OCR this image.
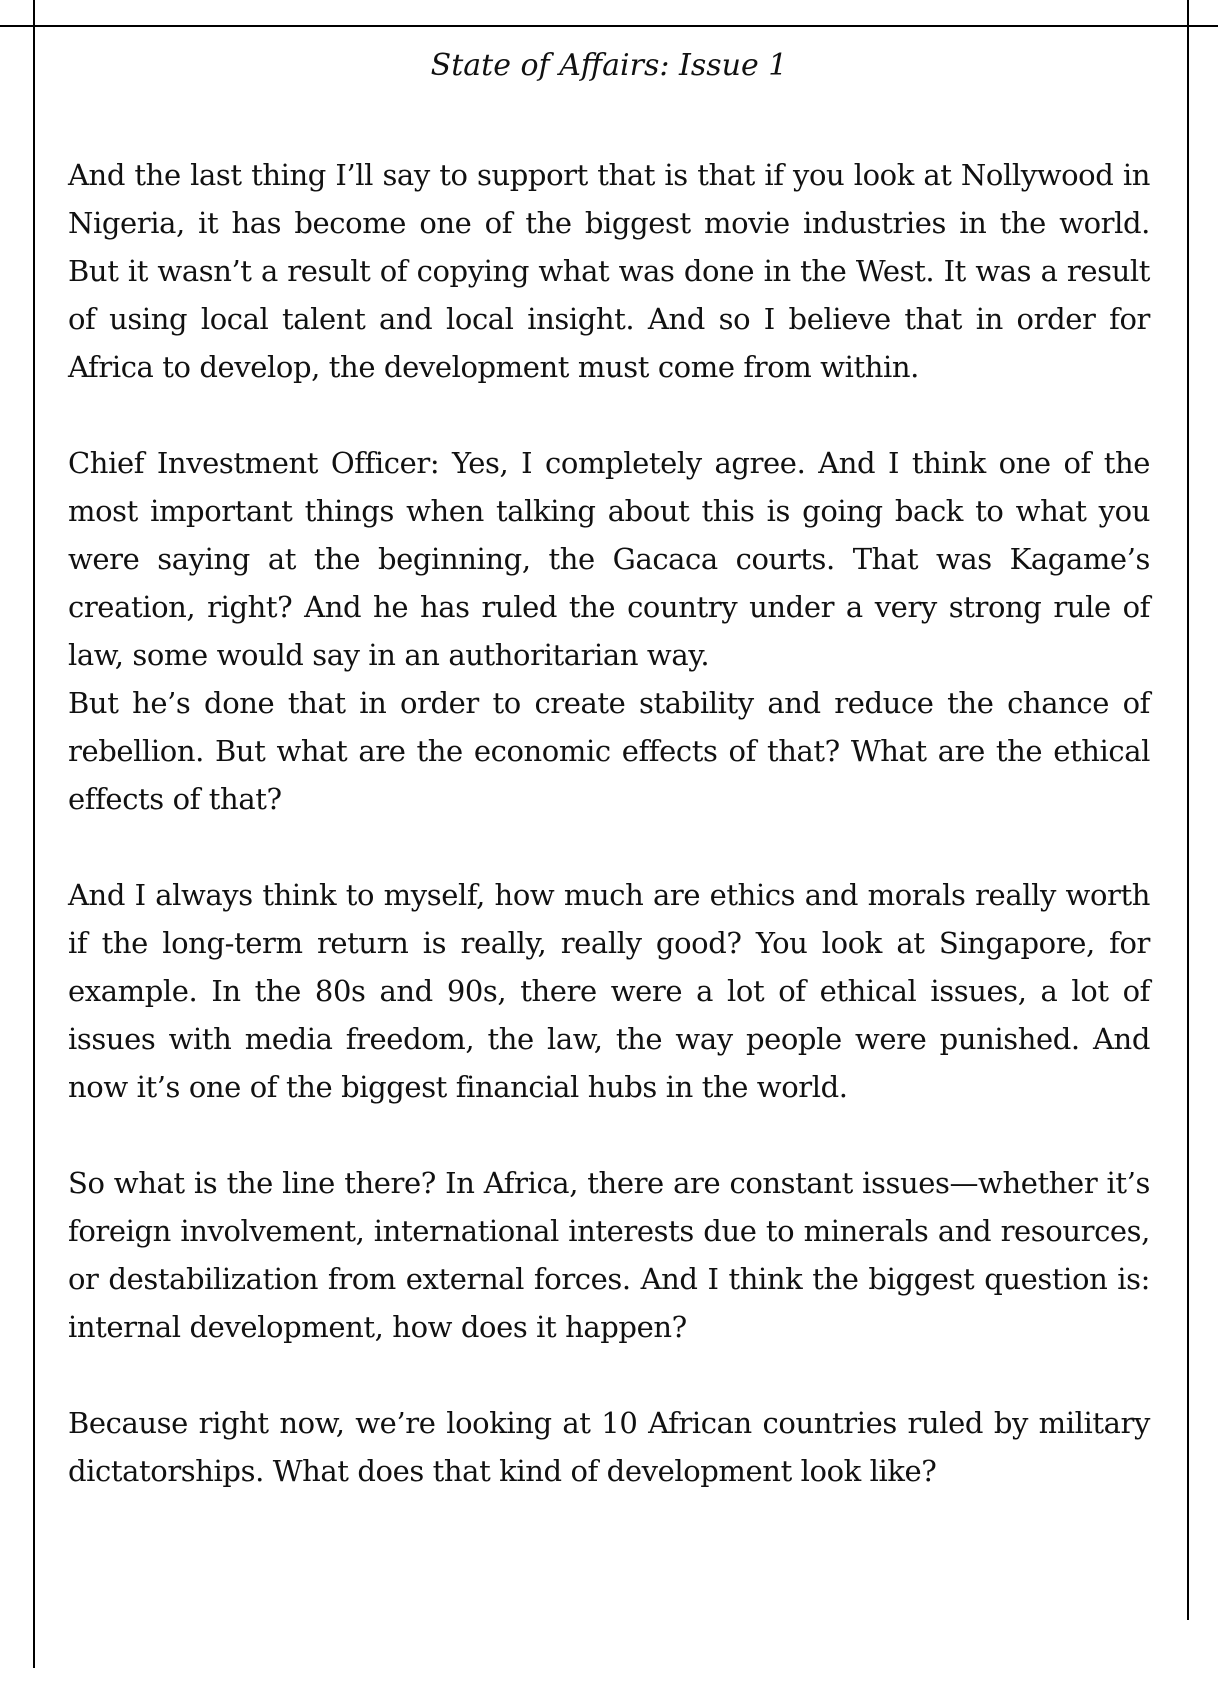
State of Affairs: Issue 1

And the last thing I’ll say to support that is that if you look at Nollywood in Nigeria, it has become one of the biggest movie industries in the world. But it wasn’t a result of copying what was done in the West. It was a result of using local talent and local insight. And so I believe that in order for Africa to develop, the development must come from within.

Chief Investment Officer: Yes, I completely agree. And I think one of the most important things when talking about this is going back to what you were saying at the beginning, the Gacaca courts. That was Kagame’s creation, right? And he has ruled the country under a very strong rule of law, some would say in an authoritarian way.

But he’s done that in order to create stability and reduce the chance of rebellion. But what are the economic effects of that? What are the ethical effects of that?

And I always think to myself, how much are ethics and morals really worth if the long-term return is really, really good? You look at Singapore, for example. In the 80s and 90s, there were a lot of ethical issues, a lot of issues with media freedom, the law, the way people were punished. And now it’s one of the biggest financial hubs in the world.

So what is the line there? In Africa, there are constant issues—whether it’s foreign involvement, international interests due to minerals and resources, or destabilization from external forces. And I think the biggest question is: internal development, how does it happen?

Because right now, we’re looking at 10 African countries ruled by military dictatorships. What does that kind of development look like?
